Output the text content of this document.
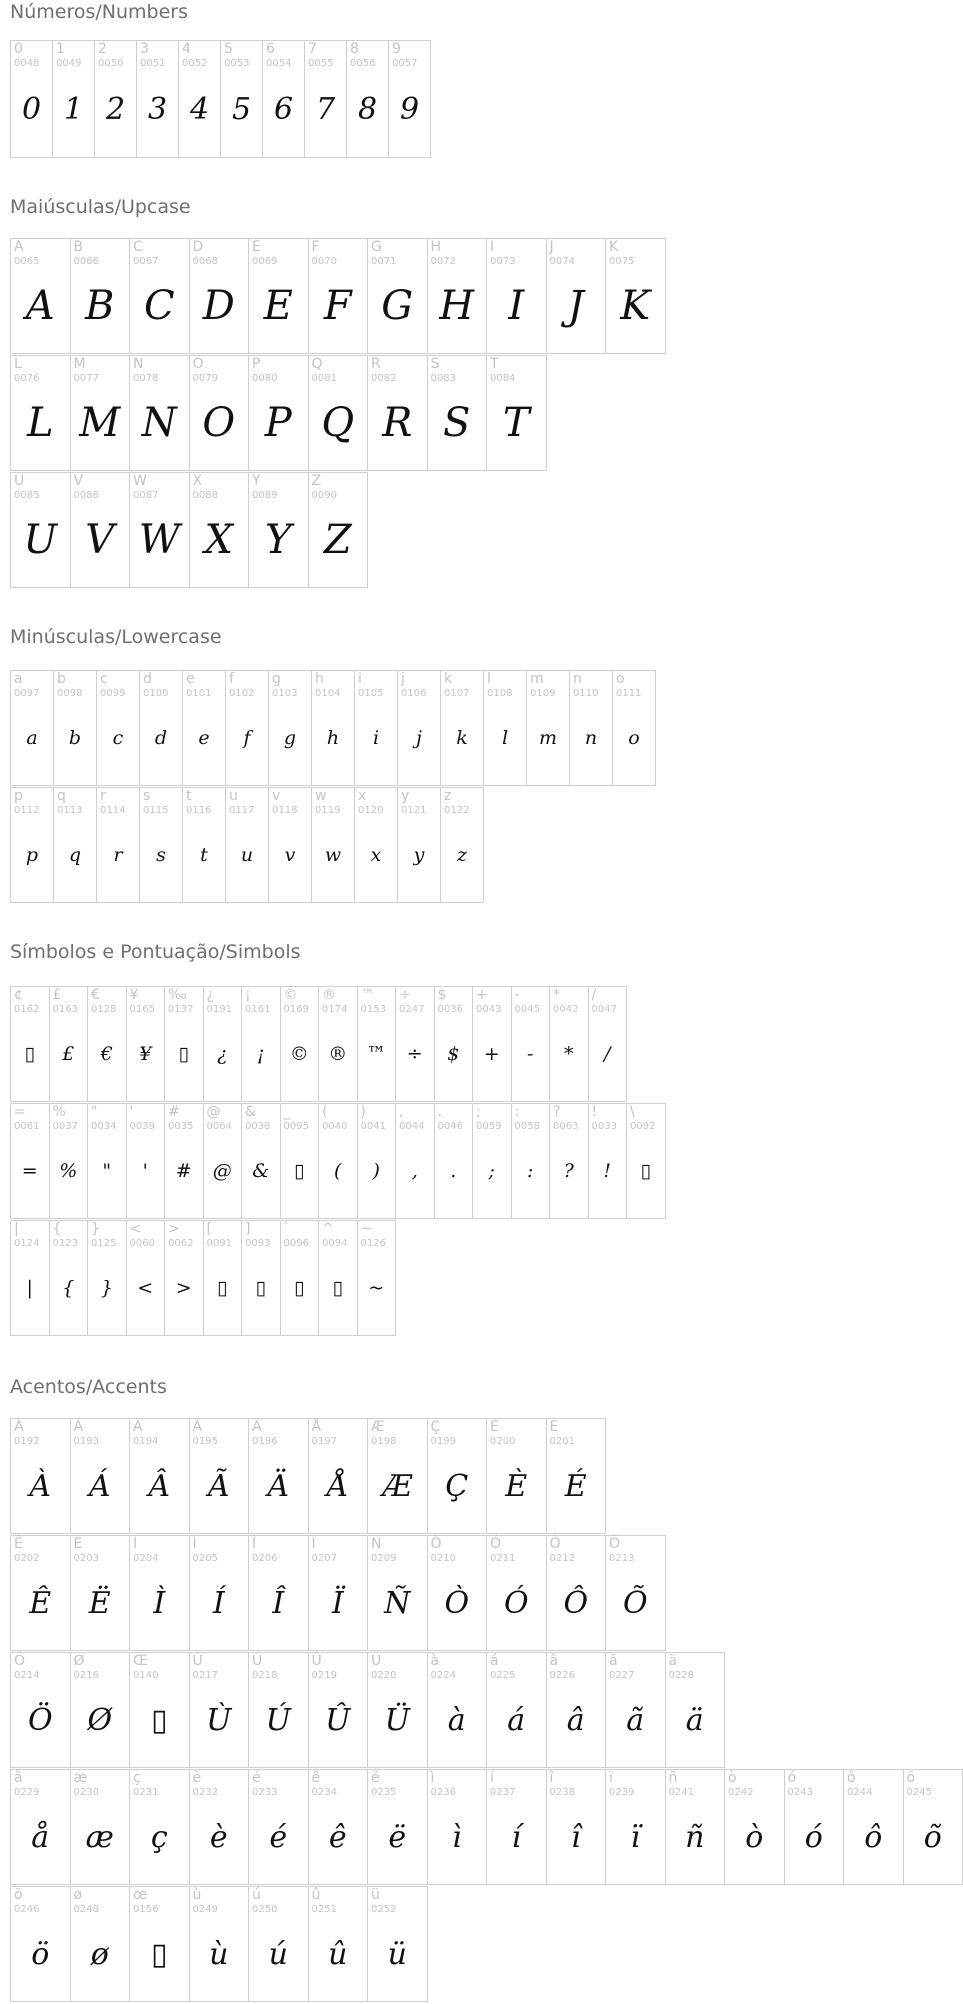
Números/Numbers
Maiúsculas/Upcase
Minúsculas/Lowercase
Símbolos e Pontuação/Simbols
Acentos/Accents
0
0048
0
1
0049
1
2
0050
2
3
0051
3
4
0052
4
5
0053
5
6
0054
6
7
0055
7
8
0056
8
9
0057
9
A
0065
A
B
0066
B
C
0067
C
D
0068
D
E
0069
E
F
0070
F
G
0071
G
H
0072
H
I
0073
I
J
0074
J
K
0075
K
L
0076
L
M
0077
M
N
0078
N
O
0079
O
P
0080
P
Q
0081
Q
R
0082
R
S
0083
S
T
0084
T
U
0085
U
V
0086
V
W
0087
W
X
0088
X
Y
0089
Y
Z
0090
Z
a
0097
a
b
0098
b
c
0099
c
d
0100
d
e
0101
e
f
0102
f
g
0103
g
h
0104
h
i
0105
i
j
0106
j
k
0107
k
l
0108
l
m
0109
m
n
0110
n
o
0111
o
p
0112
p
q
0113
q
r
0114
r
s
0115
s
t
0116
t
u
0117
u
v
0118
v
w
0119
w
x
0120
x
y
0121
y
z
0122
z
¢
0162
▯
£
0163
£
€
0128
€
¥
0165
¥
‰
0137
▯
¿
0191
¿
¡
0161
¡
©
0169
©
®
0174
®
™
0153
™
÷
0247
÷
$
0036
$
+
0043
+
-
0045
-
*
0042
*
/
0047
/
=
0061
=
%
0037
%
"
0034
"
'
0039
'
#
0035
#
@
0064
@
&
0038
&
_
0095
▯
(
0040
(
)
0041
)
,
0044
,
.
0046
.
;
0059
;
:
0058
:
?
0063
?
!
0033
!
\
0092
▯
|
0124
|
{
0123
{
}
0125
}
<
0060
<
>
0062
>
[
0091
▯
]
0093
▯
`
0096
▯
^
0094
▯
~
0126
~
À
0192
À
Á
0193
Á
Â
0194
Â
Ã
0195
Ã
Ä
0196
Ä
Å
0197
Å
Æ
0198
Æ
Ç
0199
Ç
È
0200
È
É
0201
É
Ê
0202
Ê
Ë
0203
Ë
Ì
0204
Ì
Í
0205
Í
Î
0206
Î
Ï
0207
Ï
Ñ
0209
Ñ
Ò
0210
Ò
Ó
0211
Ó
Ô
0212
Ô
Õ
0213
Õ
Ö
0214
Ö
Ø
0216
Ø
Œ
0140
▯
Ù
0217
Ù
Ú
0218
Ú
Û
0219
Û
Ü
0220
Ü
à
0224
à
á
0225
á
â
0226
â
ã
0227
ã
ä
0228
ä
å
0229
å
æ
0230
æ
ç
0231
ç
è
0232
è
é
0233
é
ê
0234
ê
ë
0235
ë
ì
0236
ì
í
0237
í
î
0238
î
ï
0239
ï
ñ
0241
ñ
ò
0242
ò
ó
0243
ó
ô
0244
ô
õ
0245
õ
ö
0246
ö
ø
0248
ø
œ
0156
▯
ù
0249
ù
ú
0250
ú
û
0251
û
ü
0252
ü
